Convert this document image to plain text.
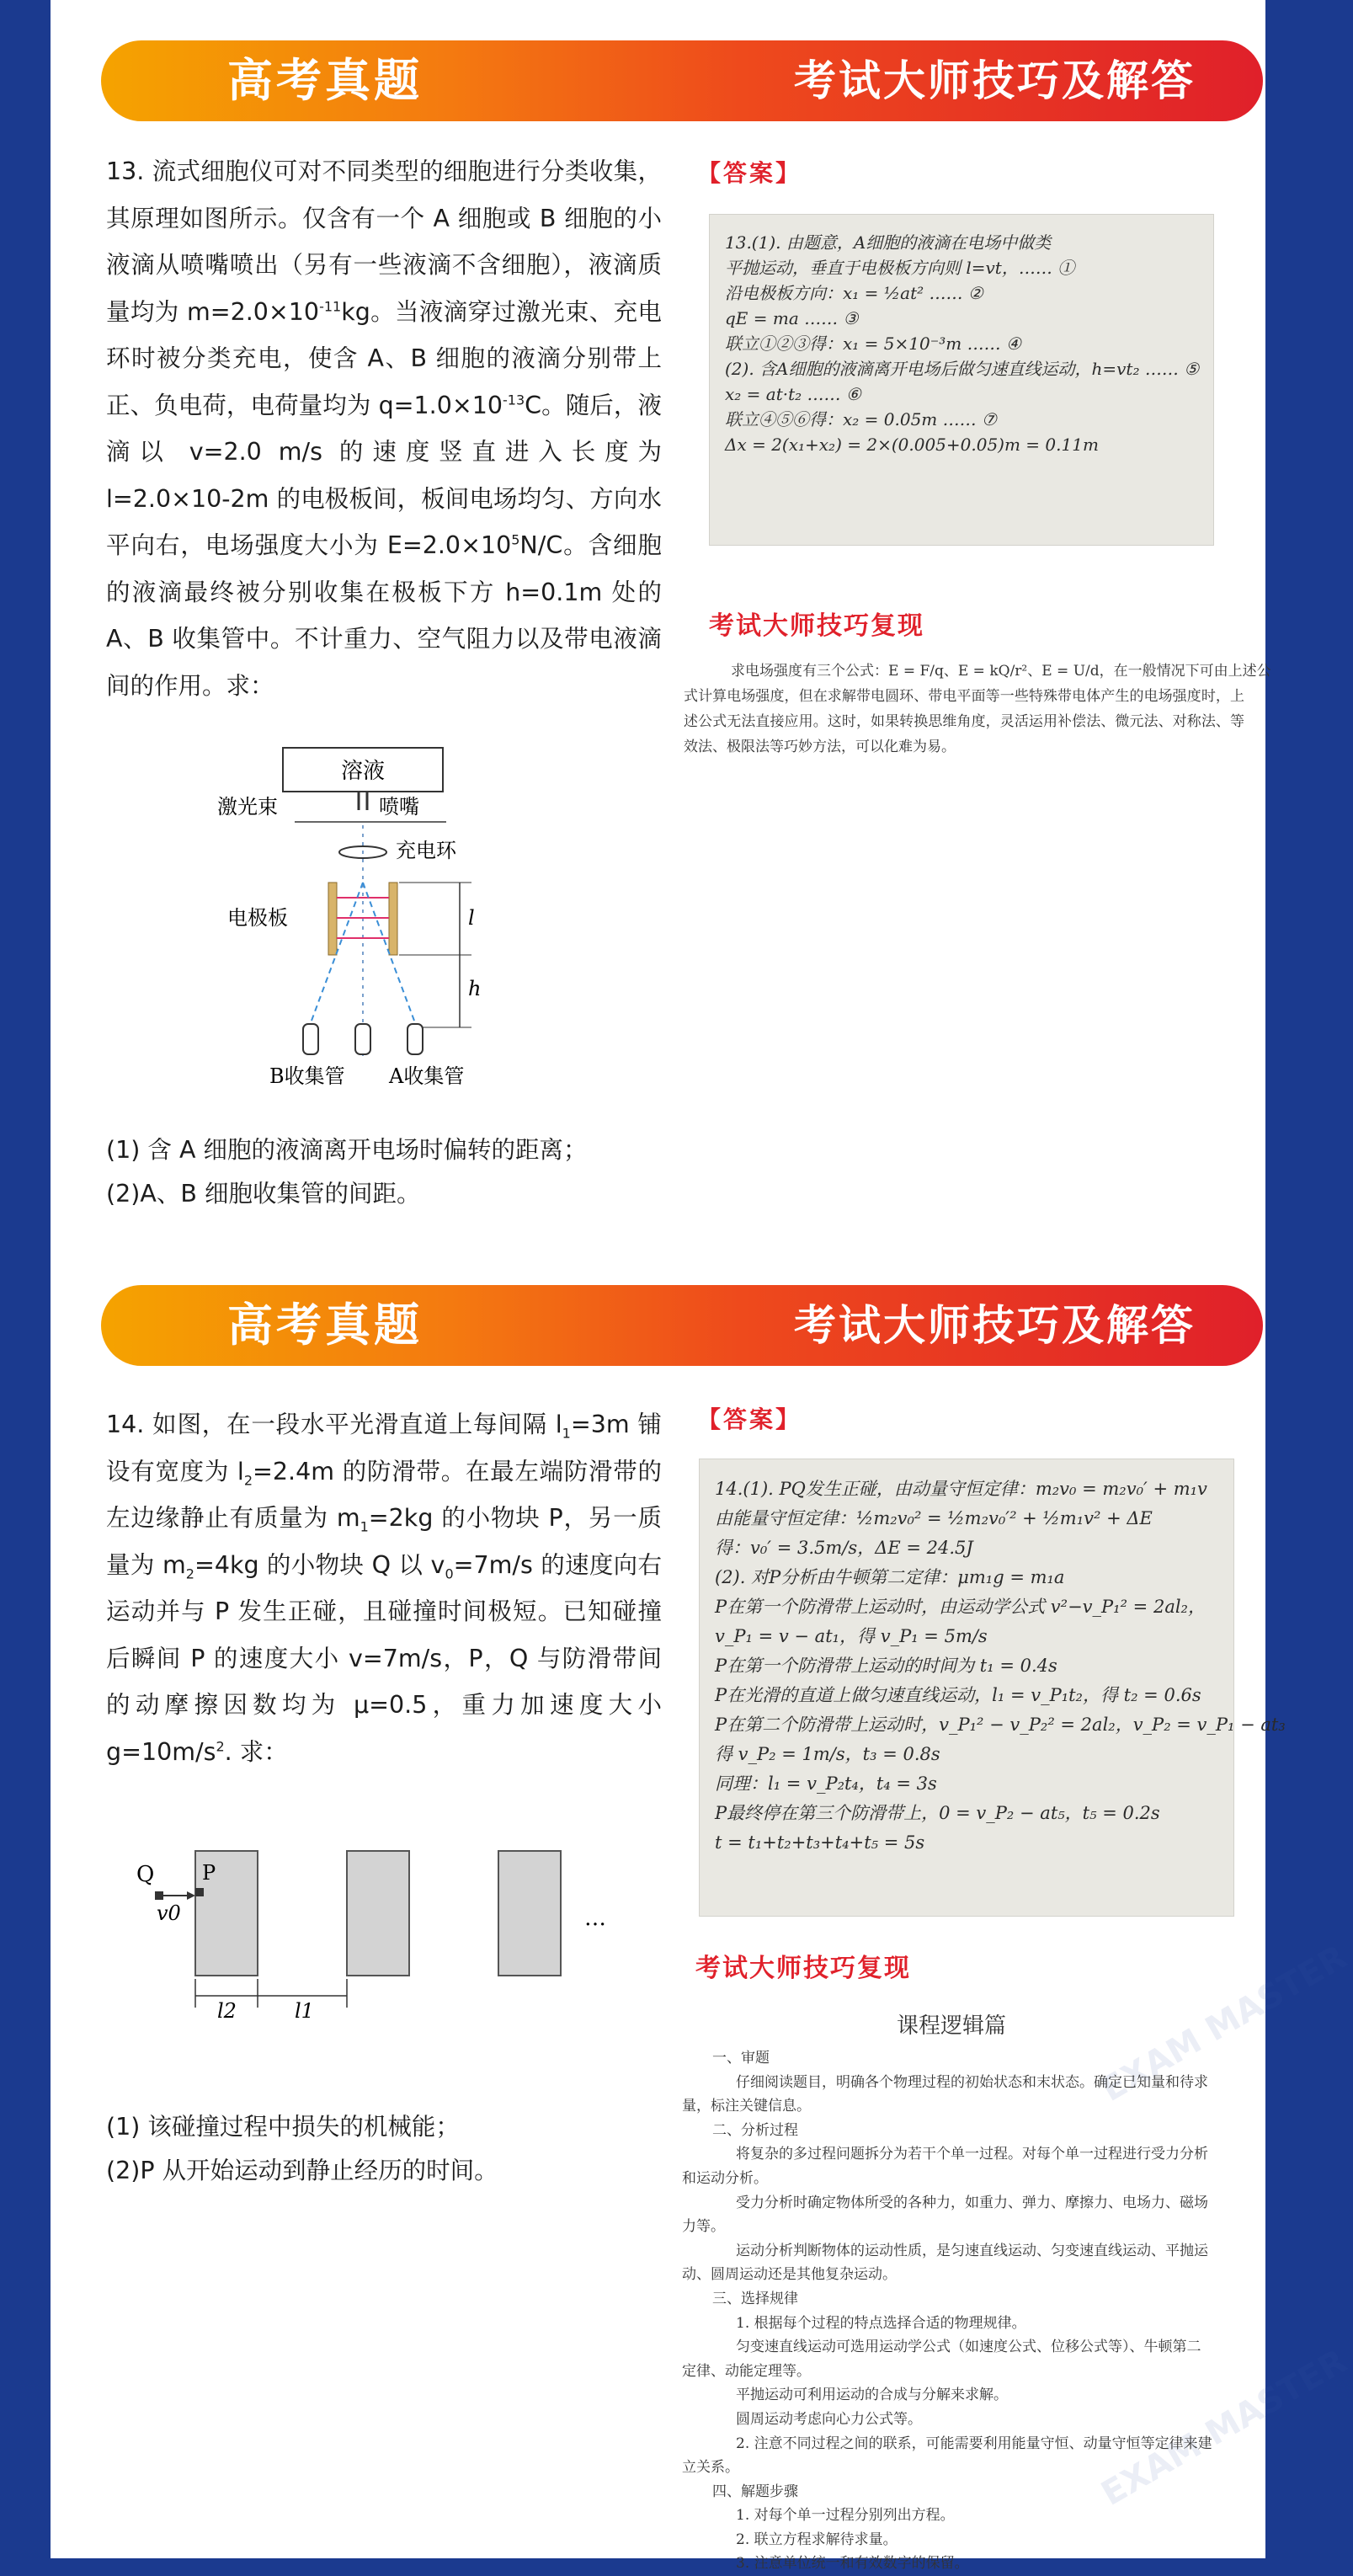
高考真题	考试大师技巧及解答

13. 流式细胞仪可对不同类型的细胞进行分类收集，其原理如图所示。仅含有一个 A 细胞或 B 细胞的小液滴从喷嘴喷出（另有一些液滴不含细胞），液滴质量均为 $m=2.0\times 10^{-11}kg$。当液滴穿过激光束、充电环时被分类充电，使含 A、B 细胞的液滴分别带上正、负电荷，电荷量均为 $q=1.0\times 10^{-13}C$。随后，液滴以 v=2.0 m/s 的速度竖直进入长度为 l=2.0×10-2m 的电极板间，板间电场均匀、方向水平向右，电场强度大小为 $E=2.0\times 10^5N/C$。含细胞的液滴最终被分别收集在极板下方 h=0.1m 处的 A、B 收集管中。不计重力、空气阻力以及带电液滴间的作用。求：

溶液
激光束	喷嘴
充电环
电极板	l
h
B收集管 A收集管

(1) 含 A 细胞的液滴离开电场时偏转的距离；

(2)A、B 细胞收集管的间距。

【答案】
13.(1). 由题意，A细胞的液滴在电场中做类
平抛运动，垂直于电极板方向则 l=vt，…… ①
沿电极板方向：x₁ = ½at² …… ②
qE = ma …… ③
联立①②③得：x₁ = 5×10⁻³m …… ④
(2). 含A细胞的液滴离开电场后做匀速直线运动，h=vt₂ …… ⑤
x₂ = at·t₂ …… ⑥
联立④⑤⑥得：x₂ = 0.05m …… ⑦
Δx = 2(x₁+x₂) = 2×(0.005+0.05)m = 0.11m
考试大师技巧复现
求电场强度有三个公式：E = F/q、E = kQ/r²、E = U/d，在一般情况下可由上述公
式计算电场强度，但在求解带电圆环、带电平面等一些特殊带电体产生的电场强度时，上述公式无法直接应用。这时，如果转换思维角度，灵活运用补偿法、微元法、对称法、等效法、极限法等巧妙方法，可以化难为易。
高考真题	考试大师技巧及解答

14. 如图，在一段水平光滑直道上每间隔 $l_1=3m$ 铺设有宽度为 $l_2=2.4m$ 的防滑带。在最左端防滑带的左边缘静止有质量为 $m_1=2kg$ 的小物块 P，另一质量为 $m_2=4kg$ 的小物块 Q 以 $v_0=7m/s$ 的速度向右运动并与 P 发生正碰，且碰撞时间极短。已知碰撞后瞬间 P 的速度大小 v=7m/s，P，Q 与防滑带间的动摩擦因数均为 μ=0.5，重力加速度大小 $g=10m/s^2$. 求：

Q
v0
P
…
l2	l1

(1) 该碰撞过程中损失的机械能；

(2)P 从开始运动到静止经历的时间。

【答案】
14.(1). PQ发生正碰，由动量守恒定律：m₂v₀ = m₂v₀′ + m₁v
由能量守恒定律：½m₂v₀² = ½m₂v₀′² + ½m₁v² + ΔE
得：v₀′ = 3.5m/s，ΔE = 24.5J
(2). 对P分析由牛顿第二定律：μm₁g = m₁a
P在第一个防滑带上运动时，由运动学公式 v²−v_P₁² = 2al₂，
v_P₁ = v − at₁，得 v_P₁ = 5m/s
P在第一个防滑带上运动的时间为 t₁ = 0.4s
P在光滑的直道上做匀速直线运动，l₁ = v_P₁t₂，得 t₂ = 0.6s
P在第二个防滑带上运动时，v_P₁² − v_P₂² = 2al₂，v_P₂ = v_P₁ − at₃
得 v_P₂ = 1m/s，t₃ = 0.8s
同理：l₁ = v_P₂t₄，t₄ = 3s
P最终停在第三个防滑带上，0 = v_P₂ − at₅，t₅ = 0.2s
t = t₁+t₂+t₃+t₄+t₅ = 5s
考试大师技巧复现	EXAM MASTER
EXAM MASTER
课程逻辑篇
一、审题
仔细阅读题目，明确各个物理过程的初始状态和末状态。确定已知量和待求
量，标注关键信息。
二、分析过程
将复杂的多过程问题拆分为若干个单一过程。对每个单一过程进行受力分析
和运动分析。
受力分析时确定物体所受的各种力，如重力、弹力、摩擦力、电场力、磁场
力等。
运动分析判断物体的运动性质，是匀速直线运动、匀变速直线运动、平抛运
动、圆周运动还是其他复杂运动。
三、选择规律
1. 根据每个过程的特点选择合适的物理规律。
匀变速直线运动可选用运动学公式（如速度公式、位移公式等）、牛顿第二
定律、动能定理等。
平抛运动可利用运动的合成与分解来求解。
圆周运动考虑向心力公式等。
2. 注意不同过程之间的联系，可能需要利用能量守恒、动量守恒等定律来建
立关系。
四、解题步骤
1. 对每个单一过程分别列出方程。
2. 联立方程求解待求量。
3. 注意单位统一和有效数字的保留。
